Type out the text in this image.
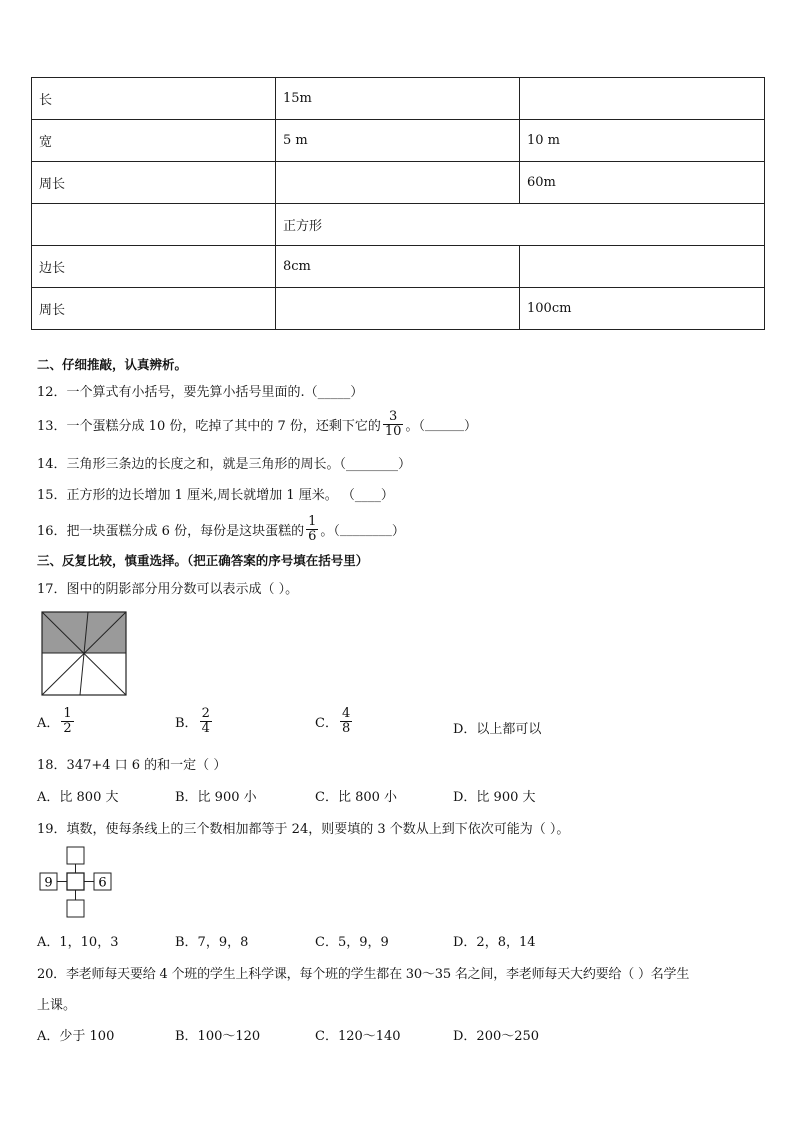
长	15m	
宽	5 m	10 m
周长		60m
	正方形	
边长	8cm	
周长		100cm
二、仔细推敲，认真辨析。
12．一个算式有小括号，要先算小括号里面的.（_____）
13．一个蛋糕分成 10 份，吃掉了其中的 7 份，还剩下它的 $\frac{3}{10}$ 。（ ______ ）
14．三角形三条边的长度之和，就是三角形的周长。（________）
15．正方形的边长增加 1 厘米,周长就增加 1 厘米。 （____）
16．把一块蛋糕分成 6 份，每份是这块蛋糕的 $\frac{1}{6}$ 。（ ________ ）
三、反复比较，慎重选择。（把正确答案的序号填在括号里）
17．图中的阴影部分用分数可以表示成（ ）。
A． $\frac{1}{2}$	B． $\frac{2}{4}$	C． $\frac{4}{8}$	D．以上都可以
18．347+4 口 6 的和一定（ ）
A．比 800 大	B．比 900 小	C．比 800 小	D．比 900 大
19．填数，使每条线上的三个数相加都等于 24，则要填的 3 个数从上到下依次可能为（ ）。
9	6
A．1，10，3	B．7，9，8	C．5，9，9	D．2，8，14
20．李老师每天要给 4 个班的学生上科学课，每个班的学生都在 30～35 名之间，李老师每天大约要给（ ）名学生
上课。
A．少于 100	B．100～120	C．120～140	D．200～250
